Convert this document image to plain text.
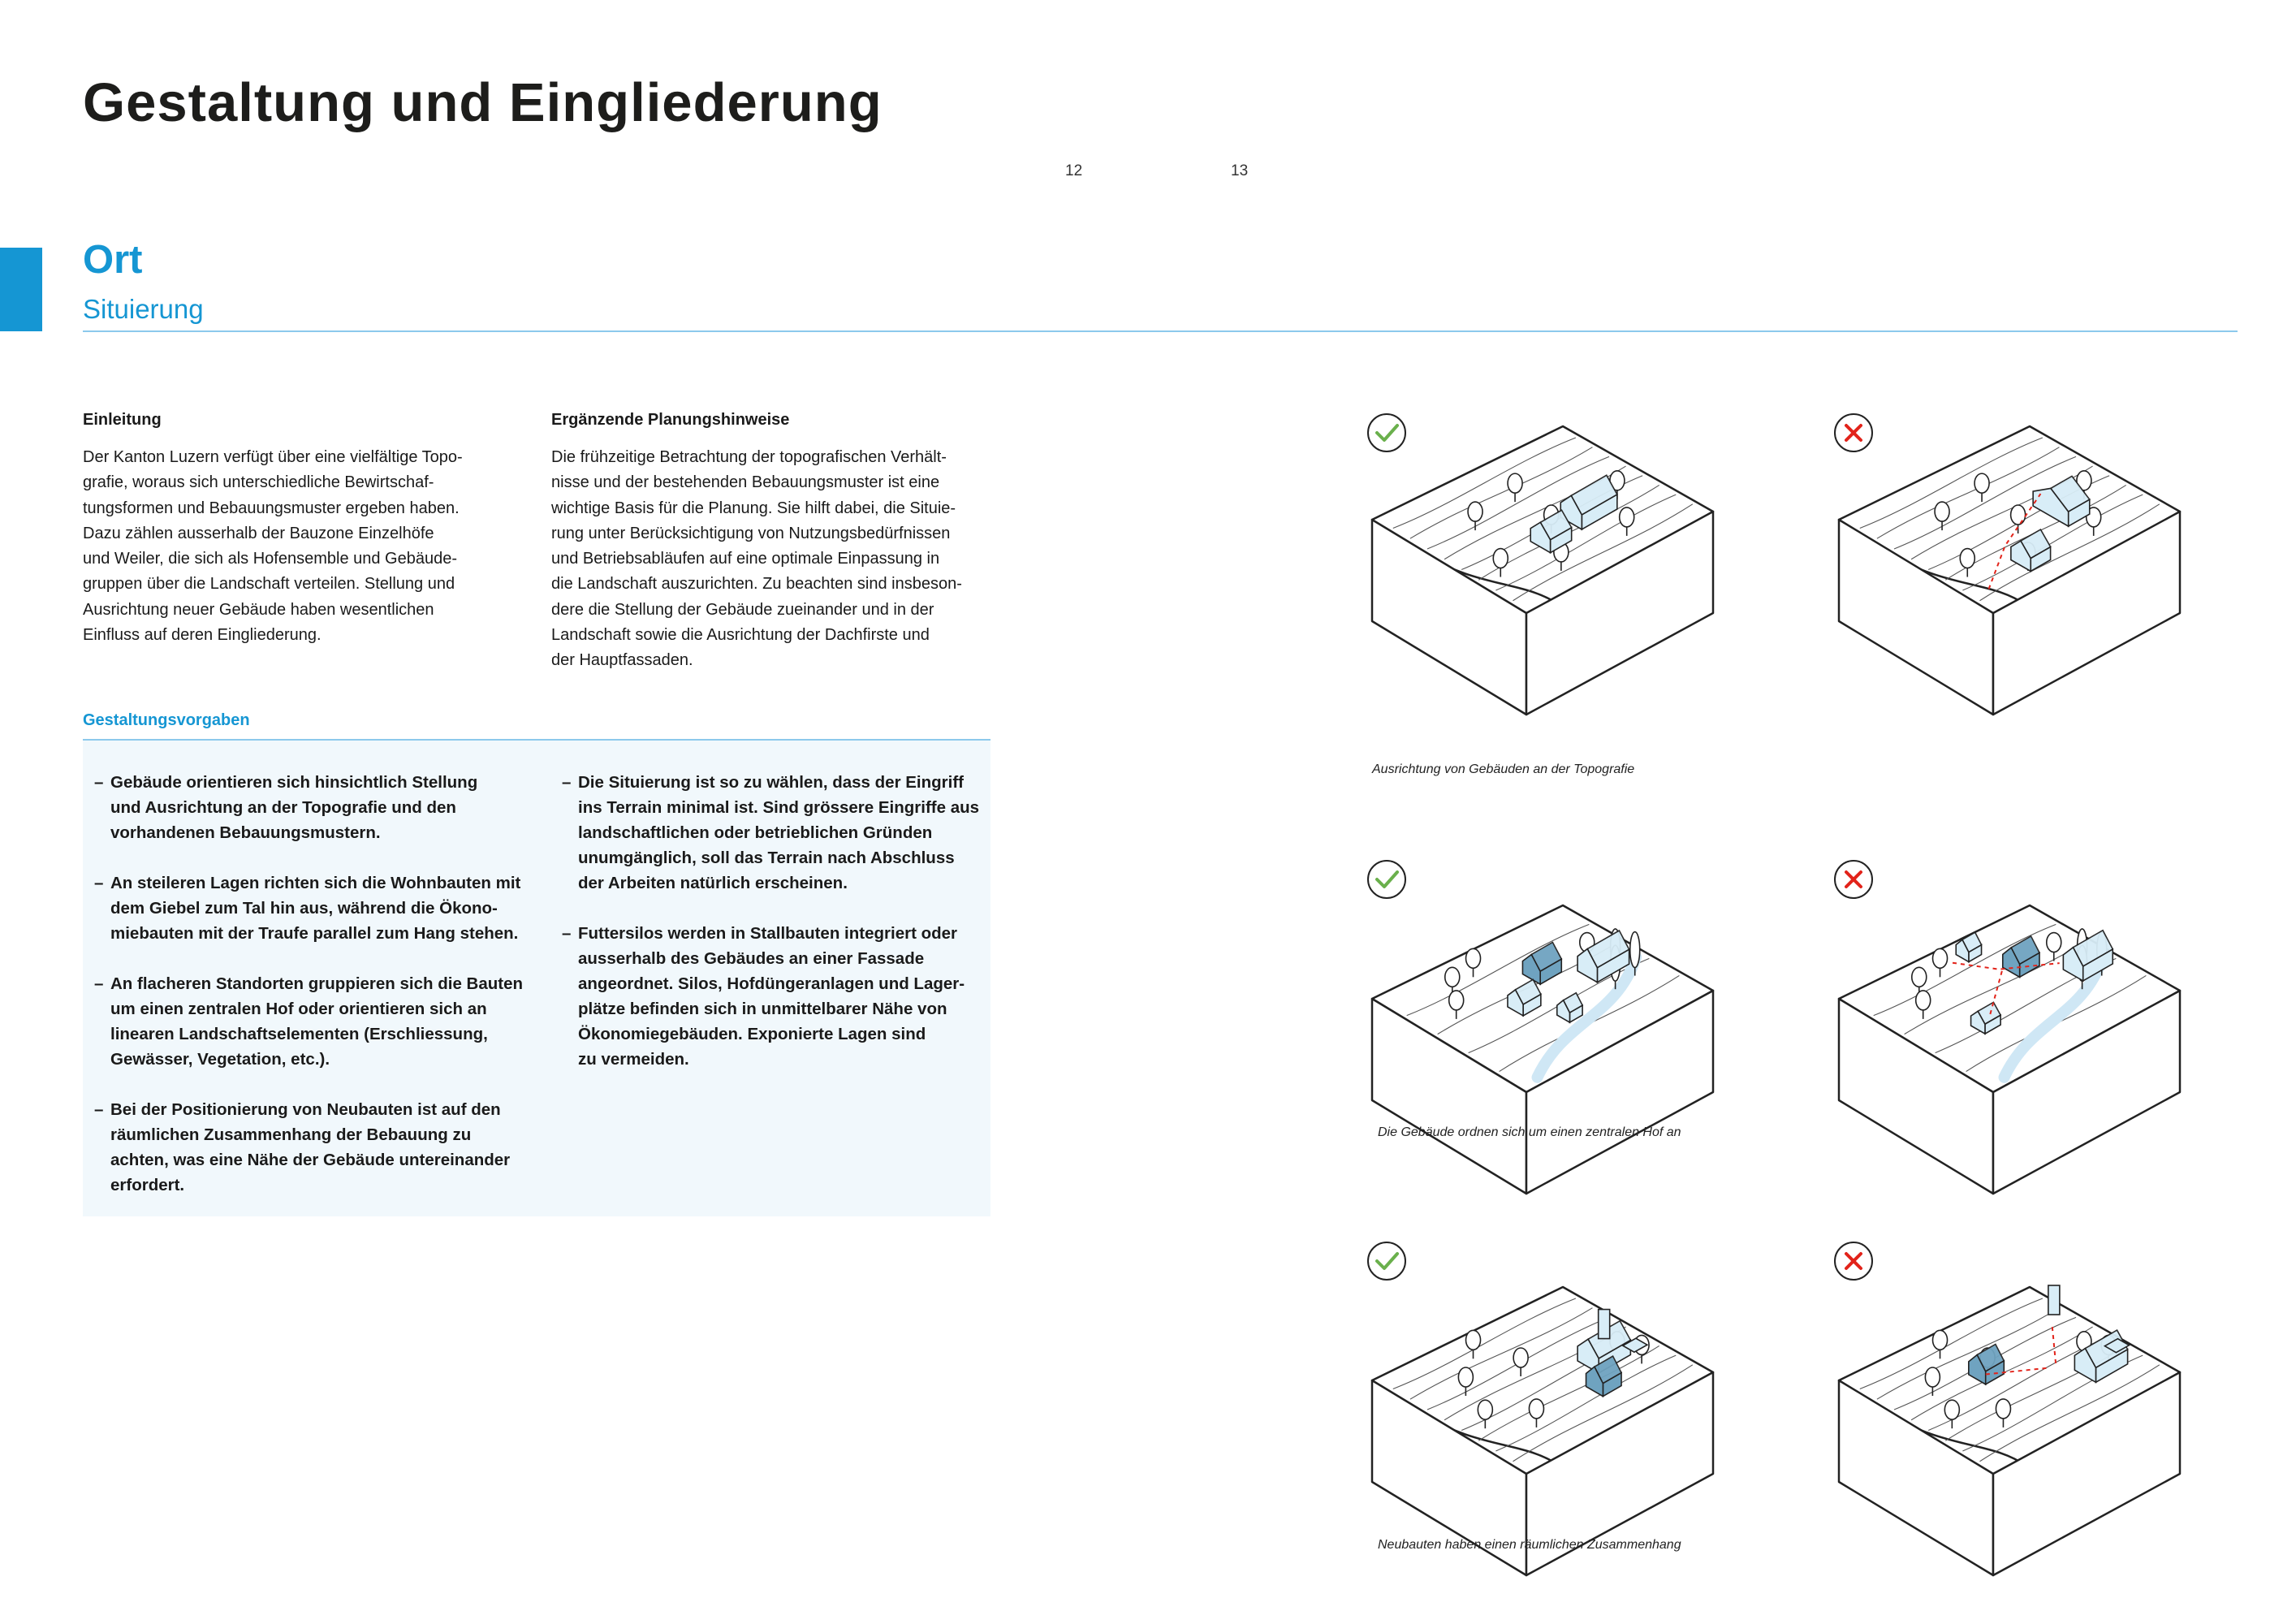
Gestaltung und Eingliederung
12	13
Ort
Situierung
Einleitung
Der Kanton Luzern verfügt über eine vielfältige Topo-
grafie, woraus sich unterschiedliche Bewirtschaf-
tungsformen und Bebauungsmuster ergeben haben.
Dazu zählen ausserhalb der Bauzone Einzelhöfe
und Weiler, die sich als Hofensemble und Gebäude-
gruppen über die Landschaft verteilen. Stellung und
Ausrichtung neuer Gebäude haben wesentlichen
Einfluss auf deren Eingliederung.
Ergänzende Planungshinweise
Die frühzeitige Betrachtung der topografischen Verhält-
nisse und der bestehenden Bebauungsmuster ist eine
wichtige Basis für die Planung. Sie hilft dabei, die Situie-
rung unter Berücksichtigung von Nutzungsbedürfnissen
und Betriebsabläufen auf eine optimale Einpassung in
die Landschaft auszurichten. Zu beachten sind insbeson-
dere die Stellung der Gebäude zueinander und in der
Landschaft sowie die Ausrichtung der Dachfirste und
der Hauptfassaden.
Gestaltungsvorgaben
– Gebäude orientieren sich hinsichtlich Stellung
und Ausrichtung an der Topografie und den
vorhandenen Bebauungsmustern.
– An steileren Lagen richten sich die Wohnbauten mit
dem Giebel zum Tal hin aus, während die Ökono-
miebauten mit der Traufe parallel zum Hang stehen.
– An flacheren Standorten gruppieren sich die Bauten
um einen zentralen Hof oder orientieren sich an
linearen Landschaftselementen (Erschliessung,
Gewässer, Vegetation, etc.).
– Bei der Positionierung von Neubauten ist auf den
räumlichen Zusammenhang der Bebauung zu
achten, was eine Nähe der Gebäude untereinander
erfordert.
– Die Situierung ist so zu wählen, dass der Eingriff
ins Terrain minimal ist. Sind grössere Eingriffe aus
landschaftlichen oder betrieblichen Gründen
unumgänglich, soll das Terrain nach Abschluss
der Arbeiten natürlich erscheinen.
– Futtersilos werden in Stallbauten integriert oder
ausserhalb des Gebäudes an einer Fassade
angeordnet. Silos, Hofdüngeranlagen und Lager-
plätze befinden sich in unmittelbarer Nähe von
Ökonomiegebäuden. Exponierte Lagen sind
zu vermeiden.
Ausrichtung von Gebäuden an der Topografie
Die Gebäude ordnen sich um einen zentralen Hof an
Neubauten haben einen räumlichen Zusammenhang
